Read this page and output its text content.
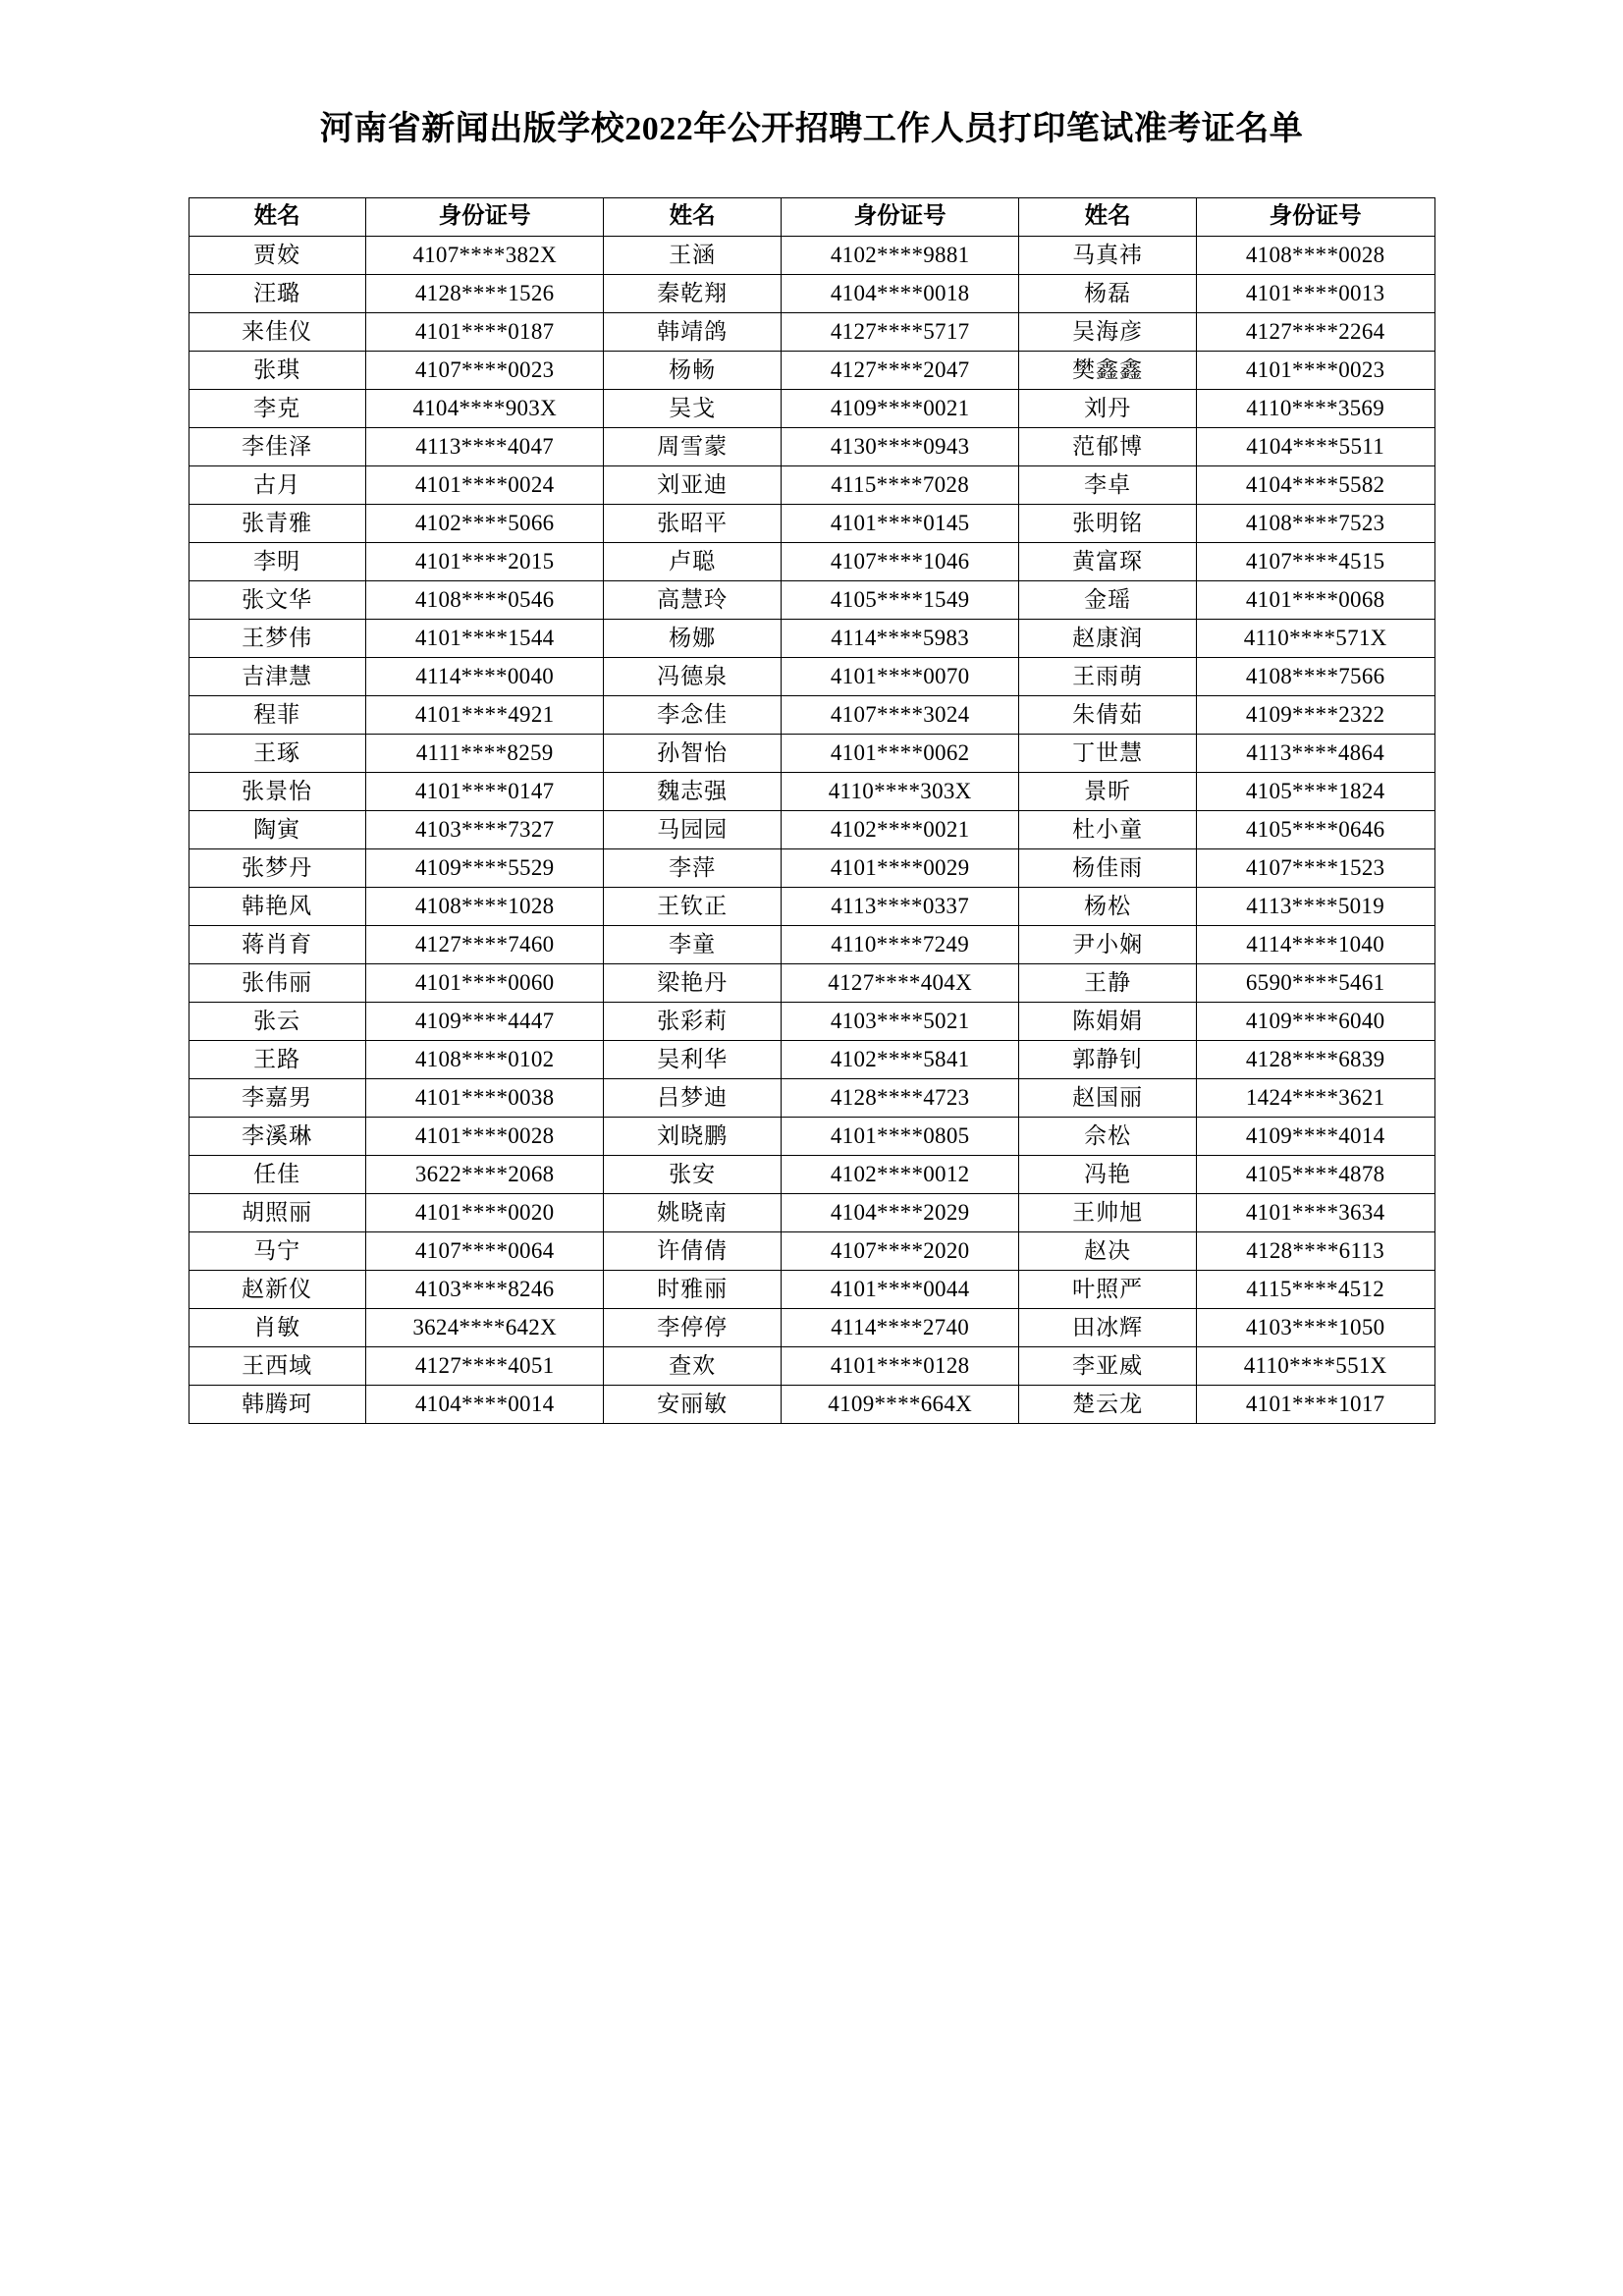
河南省新闻出版学校2022年公开招聘工作人员打印笔试准考证名单
姓名	身份证号	姓名	身份证号	姓名	身份证号
贾姣	4107****382X	王涵	4102****9881	马真祎	4108****0028
汪璐	4128****1526	秦乾翔	4104****0018	杨磊	4101****0013
来佳仪	4101****0187	韩靖鸽	4127****5717	吴海彦	4127****2264
张琪	4107****0023	杨畅	4127****2047	樊鑫鑫	4101****0023
李克	4104****903X	吴戈	4109****0021	刘丹	4110****3569
李佳泽	4113****4047	周雪蒙	4130****0943	范郁博	4104****5511
古月	4101****0024	刘亚迪	4115****7028	李卓	4104****5582
张青雅	4102****5066	张昭平	4101****0145	张明铭	4108****7523
李明	4101****2015	卢聪	4107****1046	黄富琛	4107****4515
张文华	4108****0546	高慧玲	4105****1549	金瑶	4101****0068
王梦伟	4101****1544	杨娜	4114****5983	赵康润	4110****571X
吉津慧	4114****0040	冯德泉	4101****0070	王雨萌	4108****7566
程菲	4101****4921	李念佳	4107****3024	朱倩茹	4109****2322
王琢	4111****8259	孙智怡	4101****0062	丁世慧	4113****4864
张景怡	4101****0147	魏志强	4110****303X	景昕	4105****1824
陶寅	4103****7327	马园园	4102****0021	杜小童	4105****0646
张梦丹	4109****5529	李萍	4101****0029	杨佳雨	4107****1523
韩艳风	4108****1028	王钦正	4113****0337	杨松	4113****5019
蒋肖育	4127****7460	李童	4110****7249	尹小娴	4114****1040
张伟丽	4101****0060	梁艳丹	4127****404X	王静	6590****5461
张云	4109****4447	张彩莉	4103****5021	陈娟娟	4109****6040
王路	4108****0102	吴利华	4102****5841	郭静钊	4128****6839
李嘉男	4101****0038	吕梦迪	4128****4723	赵国丽	1424****3621
李溪琳	4101****0028	刘晓鹏	4101****0805	佘松	4109****4014
任佳	3622****2068	张安	4102****0012	冯艳	4105****4878
胡照丽	4101****0020	姚晓南	4104****2029	王帅旭	4101****3634
马宁	4107****0064	许倩倩	4107****2020	赵决	4128****6113
赵新仪	4103****8246	时雅丽	4101****0044	叶照严	4115****4512
肖敏	3624****642X	李停停	4114****2740	田冰辉	4103****1050
王西域	4127****4051	查欢	4101****0128	李亚威	4110****551X
韩腾珂	4104****0014	安丽敏	4109****664X	楚云龙	4101****1017
